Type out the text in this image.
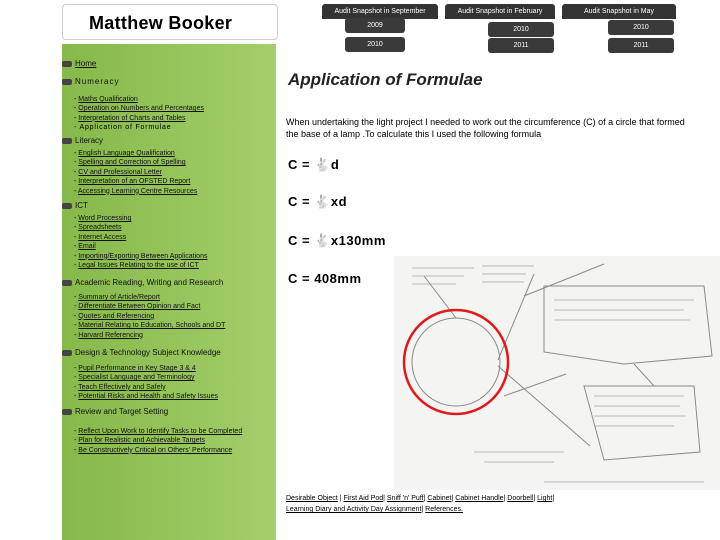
Matthew Booker
Audit Snapshot in September
2009
2010
Audit Snapshot in February
2010
2011
Audit Snapshot in May
2010
2011
Home
Numeracy
- Maths Qualification
- Operation on Numbers and Percentages
- Interpretation of Charts and Tables
- Application of Formulae
Literacy
- English Language Qualification
- Spelling and Correction of Spelling
- CV and Professional Letter
- Interpretation of an OFSTED Report
- Accessing Learning Centre Resources
ICT
- Word Processing
- Spreadsheets
- Internet Access
- Email
- Importing/Exporting Between Applications
- Legal Issues Relating to the use of ICT
Academic Reading, Writing and Research
- Summary of Article/Report
- Differentiate Between Opinion and Fact
- Quotes and Referencing
- Material Relating to Education, Schools and DT
- Harvard Referencing
Design & Technology Subject Knowledge
- Pupil Performance in Key Stage 3 & 4
- Specialist Language and Terminology
- Teach Effectively and Safely
- Potential Risks and Health and Safety Issues
Review and Target Setting
- Reflect Upon Work to Identify Tasks to be Completed
- Plan for Realistic and Achievable Targets
- Be Constructively Critical on Others' Performance
Application of Formulae
When undertaking the light project I needed to work out the circumference (C) of a circle that formed the base of a lamp .To calculate this I used the following formula
C = 🐇d
C = 🐇xd
C = 🐇x130mm
C = 408mm
Desirable Object | First Aid Pod| Sniff 'n' Puff| Cabinet| Cabinet Handle| Doorbell| Light|
Learning Diary and Activity Day Assignment| References.
